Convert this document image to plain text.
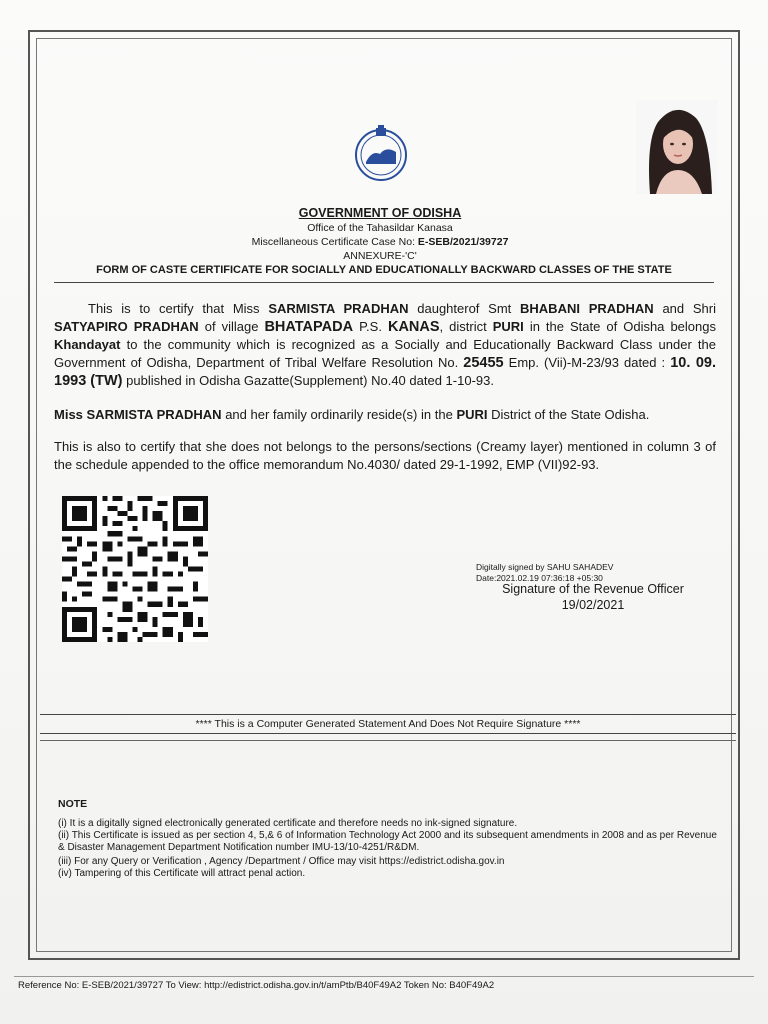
GOVERNMENT OF ODISHA
Office of the Tahasildar Kanasa
Miscellaneous Certificate Case No: E-SEB/2021/39727
ANNEXURE-'C'
FORM OF CASTE CERTIFICATE FOR SOCIALLY AND EDUCATIONALLY BACKWARD CLASSES OF THE STATE
This is to certify that Miss SARMISTA PRADHAN daughterof Smt BHABANI PRADHAN and Shri SATYAPIRO PRADHAN of village BHATAPADA P.S. KANAS, district PURI in the State of Odisha belongs Khandayat to the community which is recognized as a Socially and Educationally Backward Class under the Government of Odisha, Department of Tribal Welfare Resolution No. 25455 Emp. (Vii)-M-23/93 dated : 10. 09. 1993 (TW) published in Odisha Gazatte(Supplement) No.40 dated 1-10-93.
Miss SARMISTA PRADHAN and her family ordinarily reside(s) in the PURI District of the State Odisha.
This is also to certify that she does not belongs to the persons/sections (Creamy layer) mentioned in column 3 of the schedule appended to the office memorandum No.4030/ dated 29-1-1992, EMP (VII)92-93.
Digitally signed by SAHU SAHADEV
Date:2021.02.19 07:36:18 +05:30
Signature of the Revenue Officer
19/02/2021
**** This is a Computer Generated Statement And Does Not Require Signature ****
NOTE
(i) It is a digitally signed electronically generated certificate and therefore needs no ink-signed signature.
(ii) This Certificate is issued as per section 4, 5,& 6 of Information Technology Act 2000 and its subsequent amendments in 2008 and as per Revenue & Disaster Management Department Notification number IMU-13/10-4251/R&DM.
(iii) For any Query or Verification , Agency /Department / Office may visit https://edistrict.odisha.gov.in
(iv) Tampering of this Certificate will attract penal action.
Reference No: E-SEB/2021/39727 To View: http://edistrict.odisha.gov.in/t/amPtb/B40F49A2 Token No: B40F49A2
